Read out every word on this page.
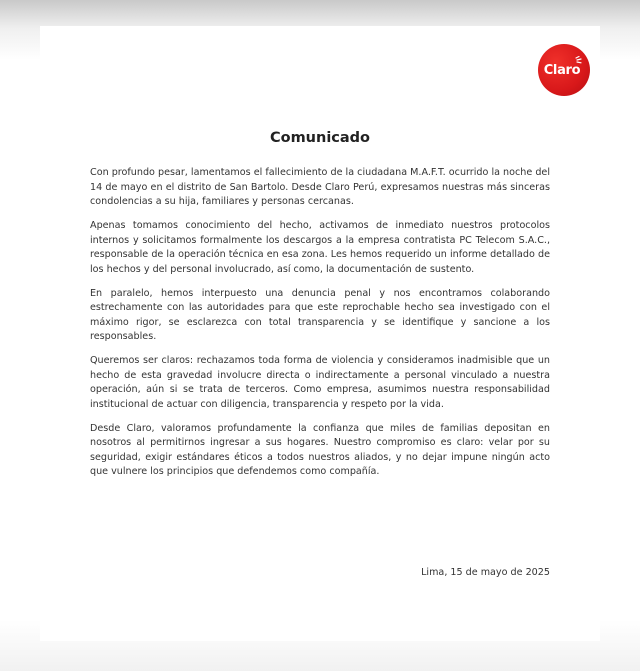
Claro
Comunicado

Con profundo pesar, lamentamos el fallecimiento de la ciudadana M.A.F.T. ocurrido la noche del 14 de mayo en el distrito de San Bartolo. Desde Claro Perú, expresamos nuestras más sinceras condolencias a su hija, familiares y personas cercanas.

Apenas tomamos conocimiento del hecho, activamos de inmediato nuestros protocolos internos y solicitamos formalmente los descargos a la empresa contratista PC Telecom S.A.C., responsable de la operación técnica en esa zona. Les hemos requerido un informe detallado de los hechos y del personal involucrado, así como, la documentación de sustento.

En paralelo, hemos interpuesto una denuncia penal y nos encontramos colaborando estrechamente con las autoridades para que este reprochable hecho sea investigado con el máximo rigor, se esclarezca con total transparencia y se identifique y sancione a los responsables.

Queremos ser claros: rechazamos toda forma de violencia y consideramos inadmisible que un hecho de esta gravedad involucre directa o indirectamente a personal vinculado a nuestra operación, aún si se trata de terceros. Como empresa, asumimos nuestra responsabilidad institucional de actuar con diligencia, transparencia y respeto por la vida.

Desde Claro, valoramos profundamente la confianza que miles de familias depositan en nosotros al permitirnos ingresar a sus hogares. Nuestro compromiso es claro: velar por su seguridad, exigir estándares éticos a todos nuestros aliados, y no dejar impune ningún acto que vulnere los principios que defendemos como compañía.

Lima, 15 de mayo de 2025
